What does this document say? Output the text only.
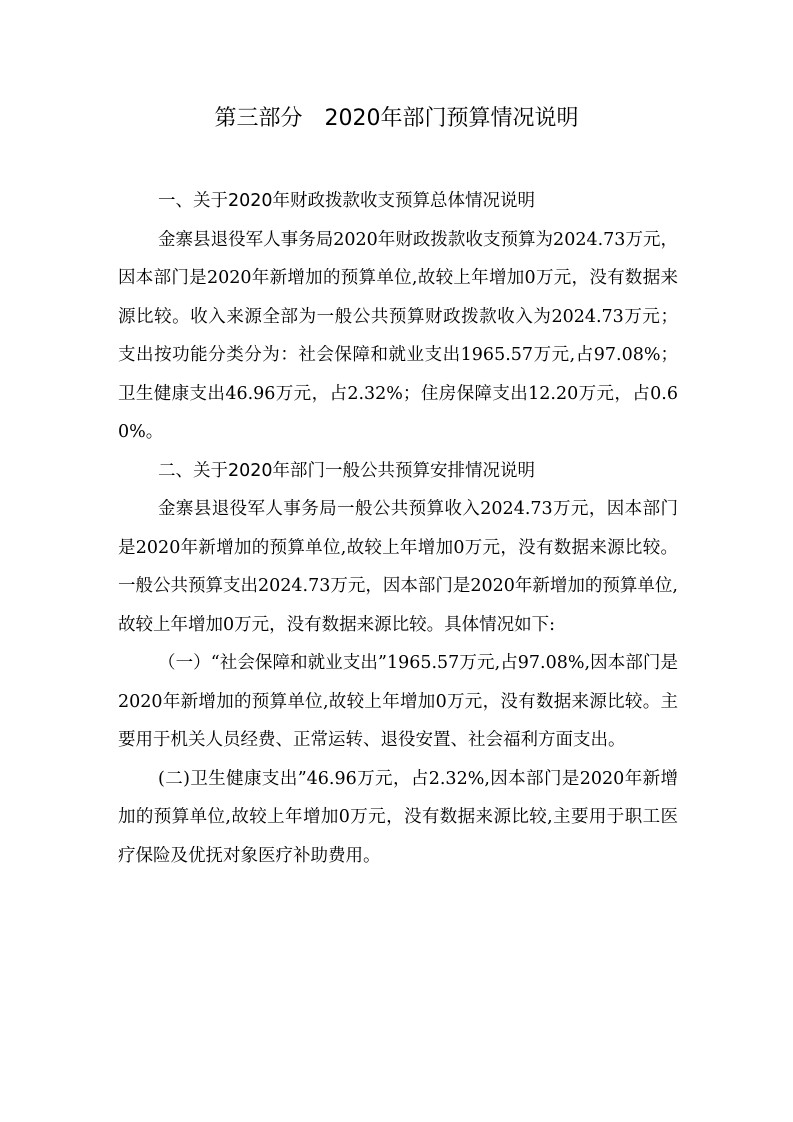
第三部分　2020年部门预算情况说明
一、关于2020年财政拨款收支预算总体情况说明

金寨县退役军人事务局2020年财政拨款收支预算为2024.73万元，因本部门是2020年新增加的预算单位,故较上年增加0万元，没有数据来源比较。收入来源全部为一般公共预算财政拨款收入为2024.73万元；支出按功能分类分为：社会保障和就业支出1965.57万元,占97.08%；卫生健康支出46.96万元，占2.32%；住房保障支出12.20万元，占0.60%。

二、关于2020年部门一般公共预算安排情况说明

金寨县退役军人事务局一般公共预算收入2024.73万元，因本部门是2020年新增加的预算单位,故较上年增加0万元，没有数据来源比较。一般公共预算支出2024.73万元，因本部门是2020年新增加的预算单位,故较上年增加0万元，没有数据来源比较。具体情况如下:

（一）“社会保障和就业支出”1965.57万元,占97.08%,因本部门是2020年新增加的预算单位,故较上年增加0万元，没有数据来源比较。主要用于机关人员经费、正常运转、退役安置、社会福利方面支出。

(二)卫生健康支出”46.96万元，占2.32%,因本部门是2020年新增加的预算单位,故较上年增加0万元，没有数据来源比较,主要用于职工医疗保险及优抚对象医疗补助费用。
